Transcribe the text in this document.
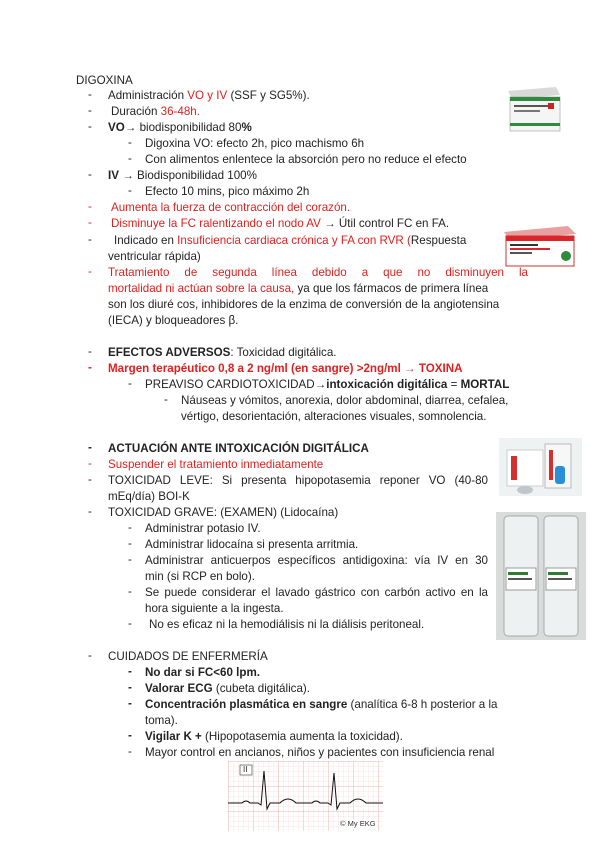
DIGOXINA
- Administración VO y IV (SSF y SG5%).
- Duración 36-48h.
- VO→ biodisponibilidad 80%
- Digoxina VO: efecto 2h, pico machismo 6h
- Con alimentos enlentece la absorción pero no reduce el efecto
- IV → Biodisponibilidad 100%
- Efecto 10 mins, pico máximo 2h
- Aumenta la fuerza de contracción del corazón.
- Disminuye la FC ralentizando el nodo AV → Útil control FC en FA.
- Indicado en Insuficiencia cardiaca crónica y FA con RVR (Respuesta
ventricular rápida)
- Tratamiento de segunda línea debido a que no disminuyen la
mortalidad ni actúan sobre la causa, ya que los fármacos de primera línea
son los diuré cos, inhibidores de la enzima de conversión de la angiotensina
(IECA) y bloqueadores β.
- EFECTOS ADVERSOS: Toxicidad digitálica.
- Margen terapéutico 0,8 a 2 ng/ml (en sangre) >2ng/ml → TOXINA
- PREAVISO CARDIOTOXICIDAD→intoxicación digitálica = MORTAL
- Náuseas y vómitos, anorexia, dolor abdominal, diarrea, cefalea,
vértigo, desorientación, alteraciones visuales, somnolencia.
- ACTUACIÓN ANTE INTOXICACIÓN DIGITÁLICA
- Suspender el tratamiento inmediatamente
- TOXICIDAD LEVE: Si presenta hipopotasemia reponer VO (40-80
mEq/día) BOI-K
- TOXICIDAD GRAVE: (EXAMEN) (Lidocaína)
- Administrar potasio IV.
- Administrar lidocaína si presenta arritmia.
- Administrar anticuerpos específicos antidigoxina: vía IV en 30
min (si RCP en bolo).
- Se puede considerar el lavado gástrico con carbón activo en la
hora siguiente a la ingesta.
- No es eficaz ni la hemodiálisis ni la diálisis peritoneal.
- CUIDADOS DE ENFERMERÍA
- No dar si FC<60 lpm.
- Valorar ECG (cubeta digitálica).
- Concentración plasmática en sangre (analítica 6-8 h posterior a la
toma).
- Vigilar K + (Hipopotasemia aumenta la toxicidad).
- Mayor control en ancianos, niños y pacientes con insuficiencia renal
II
© My EKG
